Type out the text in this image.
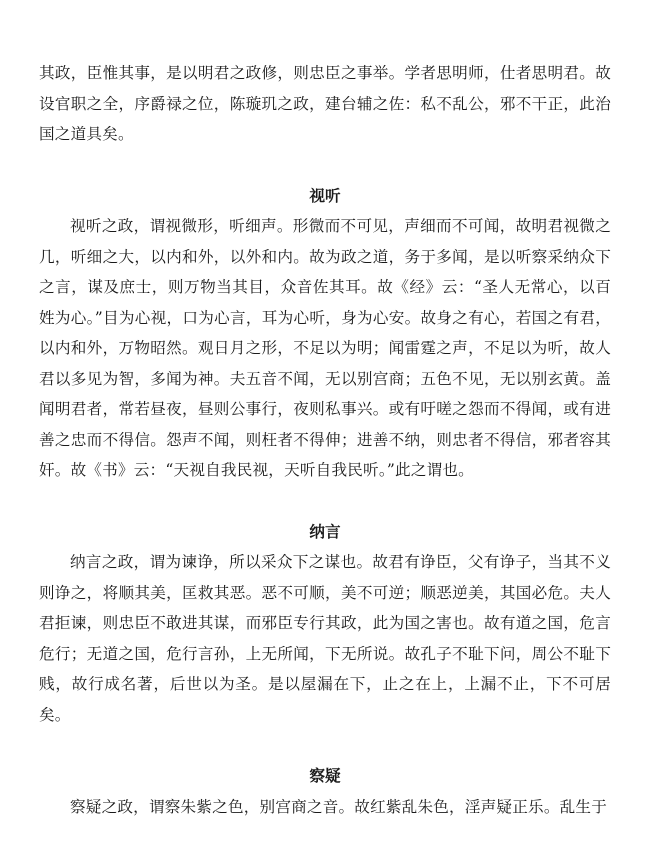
其政，臣惟其事，是以明君之政修，则忠臣之事举。学者思明师，仕者思明君。故设官职之全，序爵禄之位，陈璇玑之政，建台辅之佐：私不乱公，邪不干正，此治国之道具矣。

视听

视听之政，谓视微形，听细声。形微而不可见，声细而不可闻，故明君视微之几，听细之大，以内和外，以外和内。故为政之道，务于多闻，是以听察采纳众下之言，谋及庶士，则万物当其目，众音佐其耳。故《经》云：“圣人无常心，以百姓为心。”目为心视，口为心言，耳为心听，身为心安。故身之有心，若国之有君，以内和外，万物昭然。观日月之形，不足以为明；闻雷霆之声，不足以为听，故人君以多见为智，多闻为神。夫五音不闻，无以别宫商；五色不见，无以别玄黄。盖闻明君者，常若昼夜，昼则公事行，夜则私事兴。或有吁嗟之怨而不得闻，或有进善之忠而不得信。怨声不闻，则枉者不得伸；进善不纳，则忠者不得信，邪者容其奸。故《书》云：“天视自我民视，天听自我民听。”此之谓也。

纳言

纳言之政，谓为谏诤，所以采众下之谋也。故君有诤臣，父有诤子，当其不义则诤之，将顺其美，匡救其恶。恶不可顺，美不可逆；顺恶逆美，其国必危。夫人君拒谏，则忠臣不敢进其谋，而邪臣专行其政，此为国之害也。故有道之国，危言危行；无道之国，危行言孙，上无所闻，下无所说。故孔子不耻下问，周公不耻下贱，故行成名著，后世以为圣。是以屋漏在下，止之在上，上漏不止，下不可居矣。

察疑

察疑之政，谓察朱紫之色，别宫商之音。故红紫乱朱色，淫声疑正乐。乱生于
